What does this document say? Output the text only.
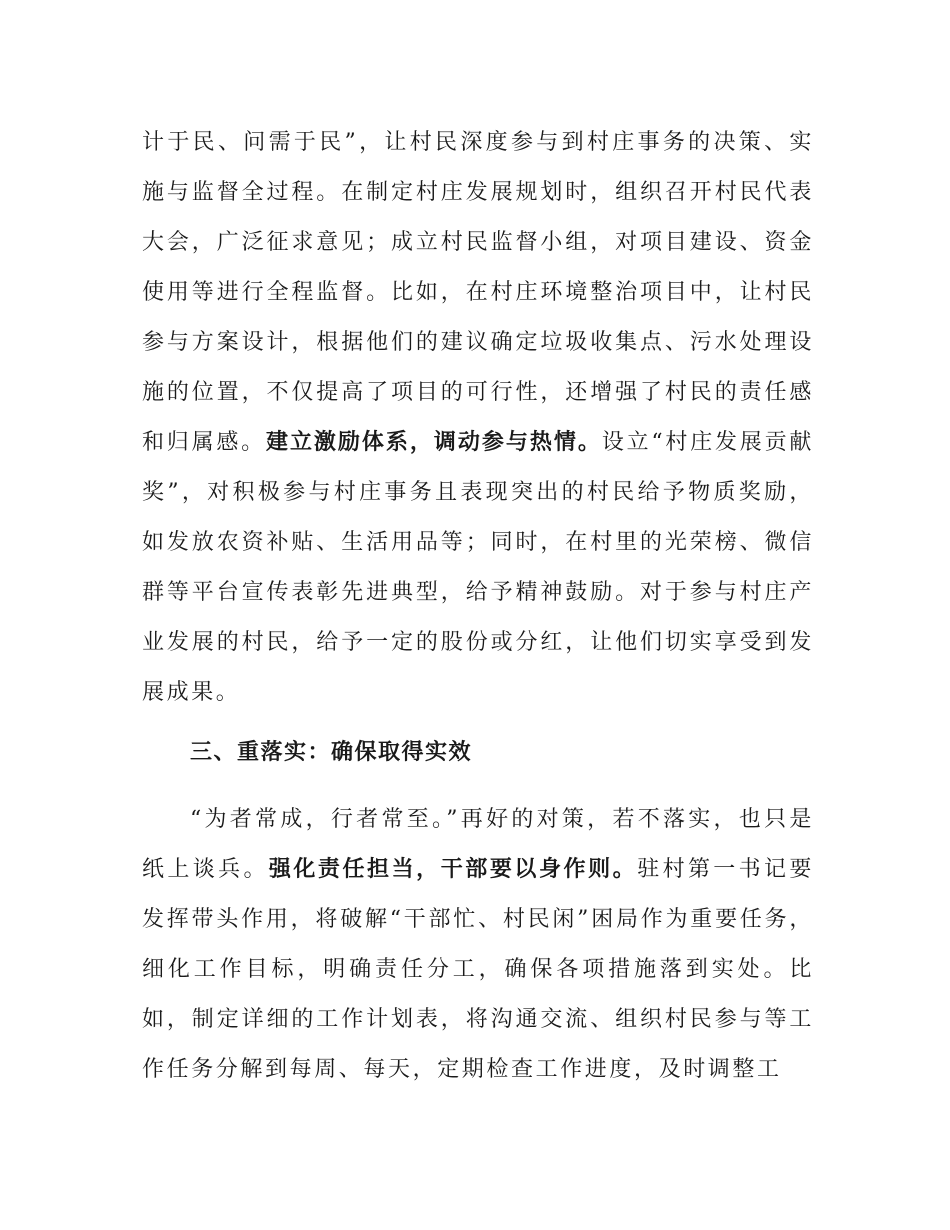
计于民、问需于民”，让村民深度参与到村庄事务的决策、实施与监督全过程。在制定村庄发展规划时，组织召开村民代表大会，广泛征求意见；成立村民监督小组，对项目建设、资金使用等进行全程监督。比如，在村庄环境整治项目中，让村民参与方案设计，根据他们的建议确定垃圾收集点、污水处理设施的位置，不仅提高了项目的可行性，还增强了村民的责任感和归属感。建立激励体系，调动参与热情。设立“村庄发展贡献奖”，对积极参与村庄事务且表现突出的村民给予物质奖励，如发放农资补贴、生活用品等；同时，在村里的光荣榜、微信群等平台宣传表彰先进典型，给予精神鼓励。对于参与村庄产业发展的村民，给予一定的股份或分红，让他们切实享受到发展成果。

三、重落实：确保取得实效

“为者常成，行者常至。”再好的对策，若不落实，也只是纸上谈兵。强化责任担当，干部要以身作则。驻村第一书记要发挥带头作用，将破解“干部忙、村民闲”困局作为重要任务，细化工作目标，明确责任分工，确保各项措施落到实处。比如，制定详细的工作计划表，将沟通交流、组织村民参与等工作任务分解到每周、每天，定期检查工作进度，及时调整工
